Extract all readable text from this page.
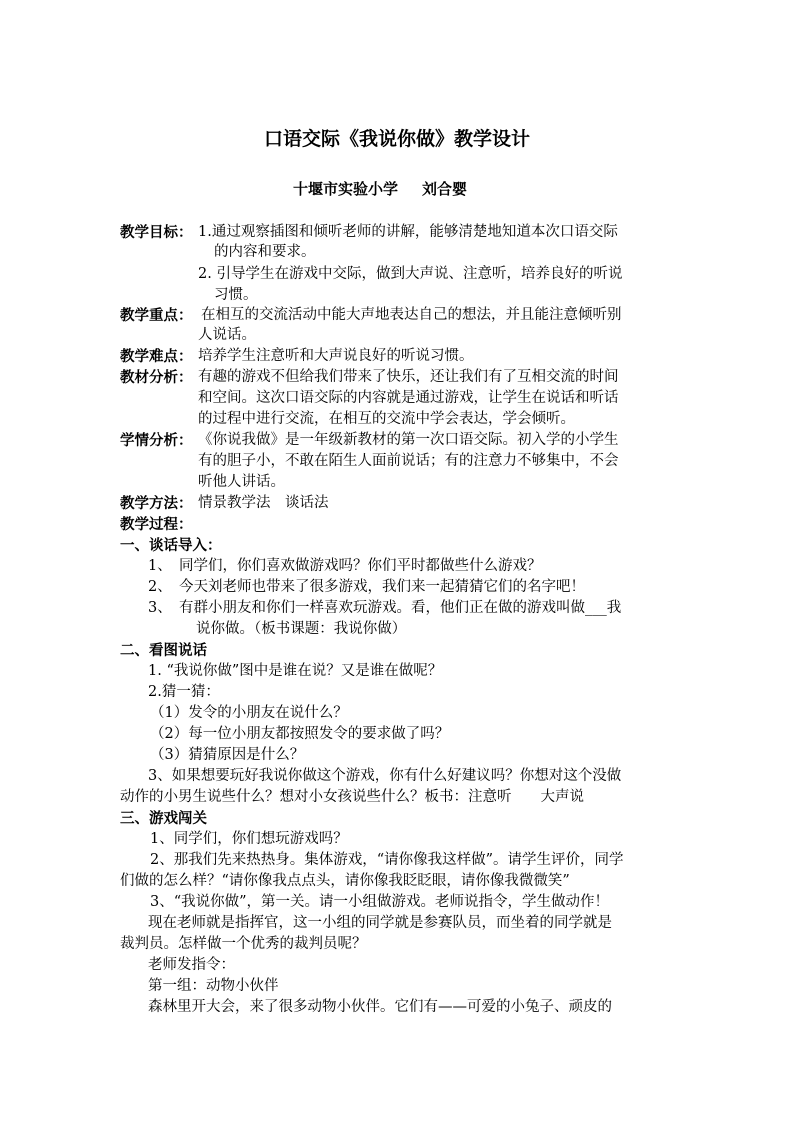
口语交际《我说你做》教学设计
十堰市实验小学 刘合婴
教学目标： 1.通过观察插图和倾听老师的讲解，能够清楚地知道本次口语交际
的内容和要求。
2. 引导学生在游戏中交际，做到大声说、注意听，培养良好的听说
习惯。
教学重点： 在相互的交流活动中能大声地表达自己的想法，并且能注意倾听别
人说话。
教学难点： 培养学生注意听和大声说良好的听说习惯。
教材分析： 有趣的游戏不但给我们带来了快乐，还让我们有了互相交流的时间
和空间。这次口语交际的内容就是通过游戏，让学生在说话和听话
的过程中进行交流，在相互的交流中学会表达，学会倾听。
学情分析： 《你说我做》是一年级新教材的第一次口语交际。初入学的小学生
有的胆子小，不敢在陌生人面前说话；有的注意力不够集中，不会
听他人讲话。
教学方法： 情景教学法　谈话法
教学过程：
一、谈话导入：
1、　同学们，你们喜欢做游戏吗？你们平时都做些什么游戏？
2、　今天刘老师也带来了很多游戏，我们来一起猜猜它们的名字吧！
3、　有群小朋友和你们一样喜欢玩游戏。看，他们正在做的游戏叫做___我
说你做。（板书课题：我说你做）
二、看图说话
1. “我说你做”图中是谁在说？又是谁在做呢？
2.猜一猜：
（1）发令的小朋友在说什么？
（2）每一位小朋友都按照发令的要求做了吗？
（3）猜猜原因是什么？
3、如果想要玩好我说你做这个游戏，你有什么好建议吗？你想对这个没做
动作的小男生说些什么？想对小女孩说些什么？板书：注意听　　大声说
三、游戏闯关
1、同学们，你们想玩游戏吗？
2、那我们先来热热身。集体游戏，“请你像我这样做”。请学生评价，同学
们做的怎么样？“请你像我点点头，请你像我眨眨眼，请你像我微微笑”
3、“我说你做”，第一关。请一小组做游戏。老师说指令，学生做动作！
现在老师就是指挥官，这一小组的同学就是参赛队员，而坐着的同学就是
裁判员。怎样做一个优秀的裁判员呢？
老师发指令：
第一组：动物小伙伴
森林里开大会，来了很多动物小伙伴。它们有——可爱的小兔子、顽皮的
